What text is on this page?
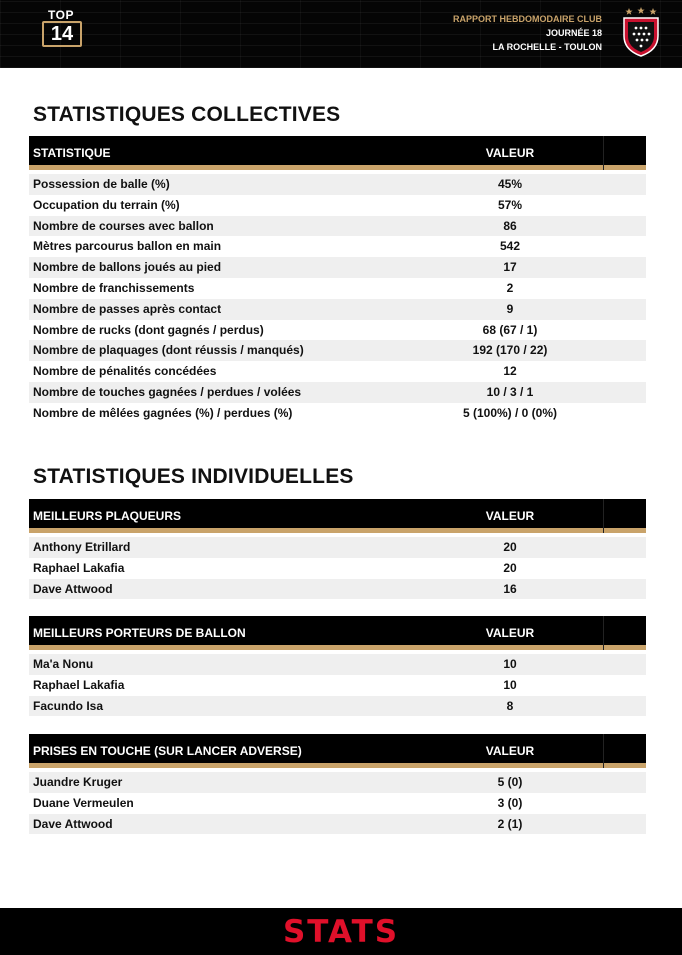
TOP
14
RAPPORT HEBDOMODAIRE CLUB
JOURNÉE 18
LA ROCHELLE - TOULON
STATISTIQUES COLLECTIVES
STATISTIQUE	VALEUR
Possession de balle (%)	45%
Occupation du terrain (%)	57%
Nombre de courses avec ballon	86
Mètres parcourus ballon en main	542
Nombre de ballons joués au pied	17
Nombre de franchissements	2
Nombre de passes après contact	9
Nombre de rucks (dont gagnés / perdus)	68 (67 / 1)
Nombre de plaquages (dont réussis / manqués)	192 (170 / 22)
Nombre de pénalités concédées	12
Nombre de touches gagnées / perdues / volées	10 / 3 / 1
Nombre de mêlées gagnées (%) / perdues (%)	5 (100%) / 0 (0%)
STATISTIQUES INDIVIDUELLES
MEILLEURS PLAQUEURS	VALEUR
Anthony Etrillard	20
Raphael Lakafia	20
Dave Attwood	16
MEILLEURS PORTEURS DE BALLON	VALEUR
Ma'a Nonu	10
Raphael Lakafia	10
Facundo Isa	8
PRISES EN TOUCHE (SUR LANCER ADVERSE)	VALEUR
Juandre Kruger	5 (0)
Duane Vermeulen	3 (0)
Dave Attwood	2 (1)
STATS
